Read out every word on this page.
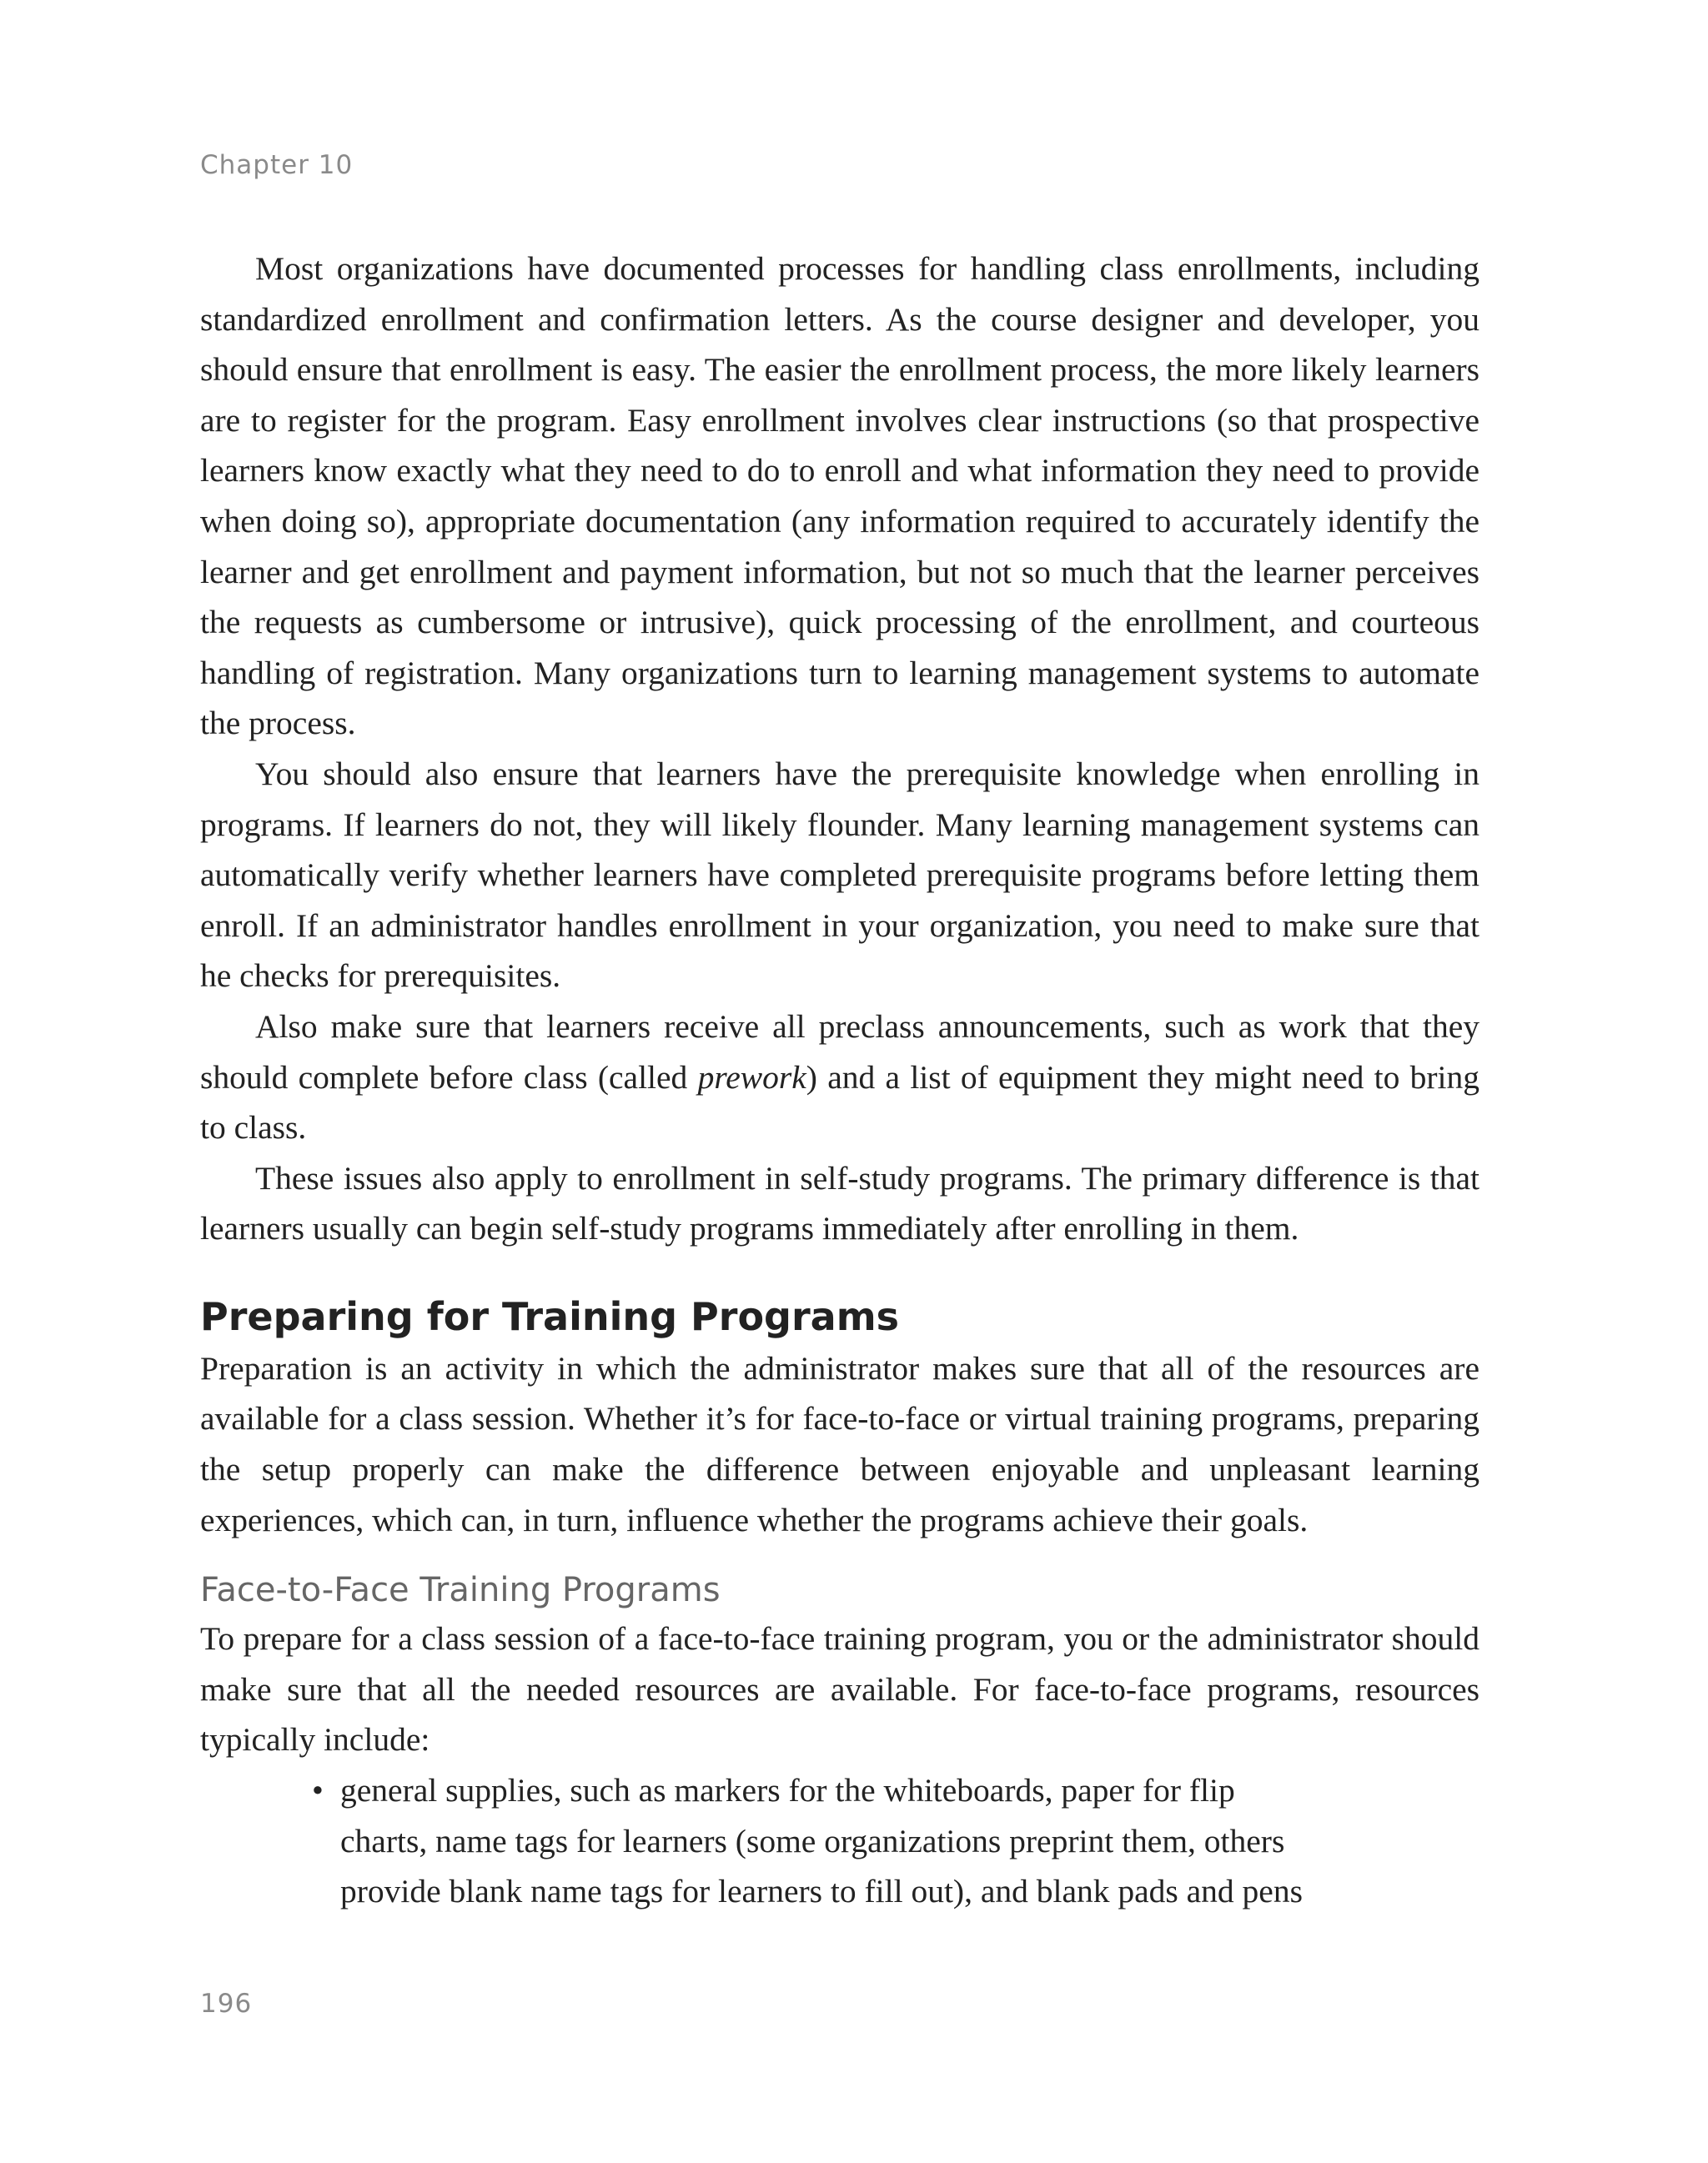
Chapter 10

Most organizations have documented processes for handling class enrollments, including standardized enrollment and confirmation letters. As the course designer and developer, you should ensure that enrollment is easy. The easier the enrollment process, the more likely learners are to register for the program. Easy enrollment involves clear instructions (so that prospective learners know exactly what they need to do to enroll and what information they need to provide when doing so), appropriate documentation (any information required to accurately identify the learner and get enrollment and payment information, but not so much that the learner perceives the requests as cumbersome or intrusive), quick processing of the enrollment, and courteous handling of registration. Many organizations turn to learning management systems to automate the process.

You should also ensure that learners have the prerequisite knowledge when enrolling in programs. If learners do not, they will likely flounder. Many learning management systems can automatically verify whether learners have completed prerequisite programs before letting them enroll. If an administrator handles enrollment in your organization, you need to make sure that he checks for prerequisites.

Also make sure that learners receive all preclass announcements, such as work that they should complete before class (called prework) and a list of equipment they might need to bring to class.

These issues also apply to enrollment in self-study programs. The primary difference is that learners usually can begin self-study programs immediately after enrolling in them.

Preparing for Training Programs

Preparation is an activity in which the administrator makes sure that all of the resources are available for a class session. Whether it’s for face-to-face or virtual training programs, preparing the setup properly can make the difference between enjoyable and unpleasant learning experiences, which can, in turn, influence whether the programs achieve their goals.

Face-to-Face Training Programs

To prepare for a class session of a face-to-face training program, you or the administrator should make sure that all the needed resources are available. For face-to-face programs, resources typically include:

• general supplies, such as markers for the whiteboards, paper for flip charts, name tags for learners (some organizations preprint them, others provide blank name tags for learners to fill out), and blank pads and pens
196
